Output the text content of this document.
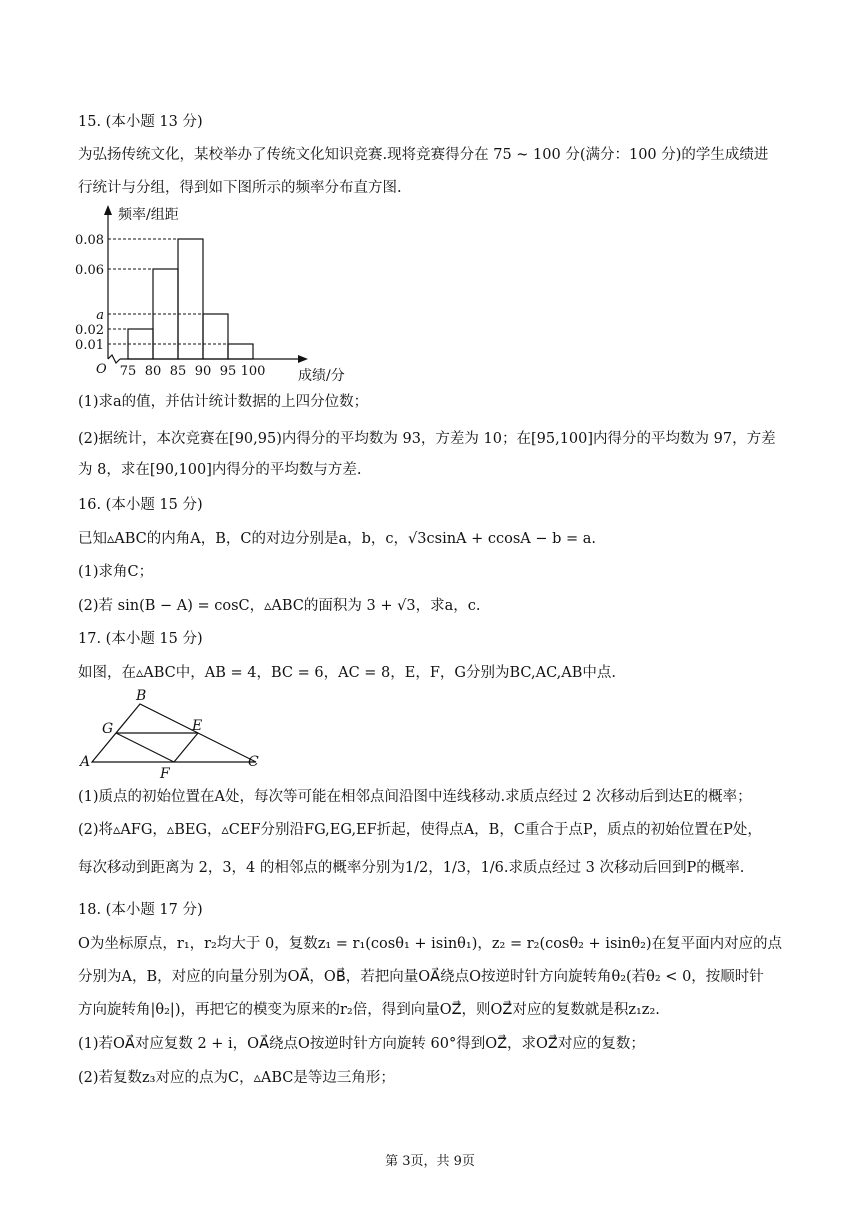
15. (本小题 13 分)
为弘扬传统文化，某校举办了传统文化知识竞赛.现将竞赛得分在 75 ~ 100 分(满分：100 分)的学生成绩进
行统计与分组，得到如下图所示的频率分布直方图.
频率/组距
成绩/分
O
0.08
0.06
a
0.02
0.01
75 80 85 90 95 100
(1)求a的值，并估计统计数据的上四分位数；
(2)据统计，本次竞赛在[90,95)内得分的平均数为 93，方差为 10；在[95,100]内得分的平均数为 97，方差
为 8，求在[90,100]内得分的平均数与方差.
16. (本小题 15 分)
已知▵ABC的内角A，B，C的对边分别是a，b，c，√3csinA + ccosA − b = a.
(1)求角C；
(2)若 sin(B − A) = cosC，▵ABC的面积为 3 + √3，求a，c.
17. (本小题 15 分)
如图，在▵ABC中，AB = 4，BC = 6，AC = 8，E，F，G分别为BC,AC,AB中点.
B
G	E
A	C
F
(1)质点的初始位置在A处，每次等可能在相邻点间沿图中连线移动.求质点经过 2 次移动后到达E的概率；
(2)将▵AFG，▵BEG，▵CEF分别沿FG,EG,EF折起，使得点A，B，C重合于点P，质点的初始位置在P处，
每次移动到距离为 2，3，4 的相邻点的概率分别为1/2，1/3，1/6.求质点经过 3 次移动后回到P的概率.
18. (本小题 17 分)
O为坐标原点，r₁，r₂均大于 0，复数z₁ = r₁(cosθ₁ + isinθ₁)，z₂ = r₂(cosθ₂ + isinθ₂)在复平面内对应的点
分别为A，B，对应的向量分别为OA⃗，OB⃗，若把向量OA⃗绕点O按逆时针方向旋转角θ₂(若θ₂ < 0，按顺时针
方向旋转角|θ₂|)，再把它的模变为原来的r₂倍，得到向量OZ⃗，则OZ⃗对应的复数就是积z₁z₂.
(1)若OA⃗对应复数 2 + i，OA⃗绕点O按逆时针方向旋转 60°得到OZ⃗，求OZ⃗对应的复数；
(2)若复数z₃对应的点为C，▵ABC是等边三角形；
第 3页，共 9页
